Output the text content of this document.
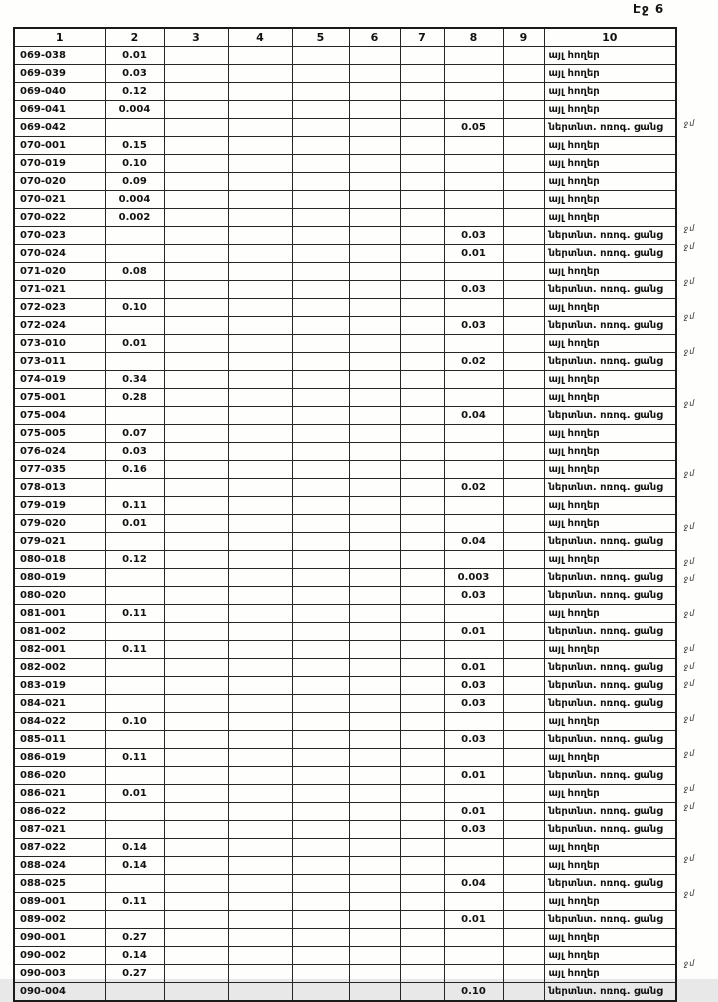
Էջ 6
1	2	3	4	5	6	7	8	9	10
069-038	0.01								այլ հողեր
069-039	0.03								այլ հողեր
069-040	0.12								այլ հողեր
069-041	0.004								այլ հողեր
069-042							0.05		ներտնտ. ոռոգ. ցանց
070-001	0.15								այլ հողեր
070-019	0.10								այլ հողեր
070-020	0.09								այլ հողեր
070-021	0.004								այլ հողեր
070-022	0.002								այլ հողեր
070-023							0.03		ներտնտ. ոռոգ. ցանց
070-024							0.01		ներտնտ. ոռոգ. ցանց
071-020	0.08								այլ հողեր
071-021							0.03		ներտնտ. ոռոգ. ցանց
072-023	0.10								այլ հողեր
072-024							0.03		ներտնտ. ոռոգ. ցանց
073-010	0.01								այլ հողեր
073-011							0.02		ներտնտ. ոռոգ. ցանց
074-019	0.34								այլ հողեր
075-001	0.28								այլ հողեր
075-004							0.04		ներտնտ. ոռոգ. ցանց
075-005	0.07								այլ հողեր
076-024	0.03								այլ հողեր
077-035	0.16								այլ հողեր
078-013							0.02		ներտնտ. ոռոգ. ցանց
079-019	0.11								այլ հողեր
079-020	0.01								այլ հողեր
079-021							0.04		ներտնտ. ոռոգ. ցանց
080-018	0.12								այլ հողեր
080-019							0.003		ներտնտ. ոռոգ. ցանց
080-020							0.03		ներտնտ. ոռոգ. ցանց
081-001	0.11								այլ հողեր
081-002							0.01		ներտնտ. ոռոգ. ցանց
082-001	0.11								այլ հողեր
082-002							0.01		ներտնտ. ոռոգ. ցանց
083-019							0.03		ներտնտ. ոռոգ. ցանց
084-021							0.03		ներտնտ. ոռոգ. ցանց
084-022	0.10								այլ հողեր
085-011							0.03		ներտնտ. ոռոգ. ցանց
086-019	0.11								այլ հողեր
086-020							0.01		ներտնտ. ոռոգ. ցանց
086-021	0.01								այլ հողեր
086-022							0.01		ներտնտ. ոռոգ. ցանց
087-021							0.03		ներտնտ. ոռոգ. ցանց
087-022	0.14								այլ հողեր
088-024	0.14								այլ հողեր
088-025							0.04		ներտնտ. ոռոգ. ցանց
089-001	0.11								այլ հողեր
089-002							0.01		ներտնտ. ոռոգ. ցանց
090-001	0.27								այլ հողեր
090-002	0.14								այլ հողեր
090-003	0.27								այլ հողեր
090-004							0.10		ներտնտ. ոռոգ. ցանց
ջմ
ջմ
ջմ
ջմ
ջմ
ջմ
ջմ
ջմ
ջմ
ջմ
ջմ
ջմ
ջմ
ջմ
ջմ
ջմ
ջմ
ջմ
ջմ
ջմ
ջմ
ջմ
